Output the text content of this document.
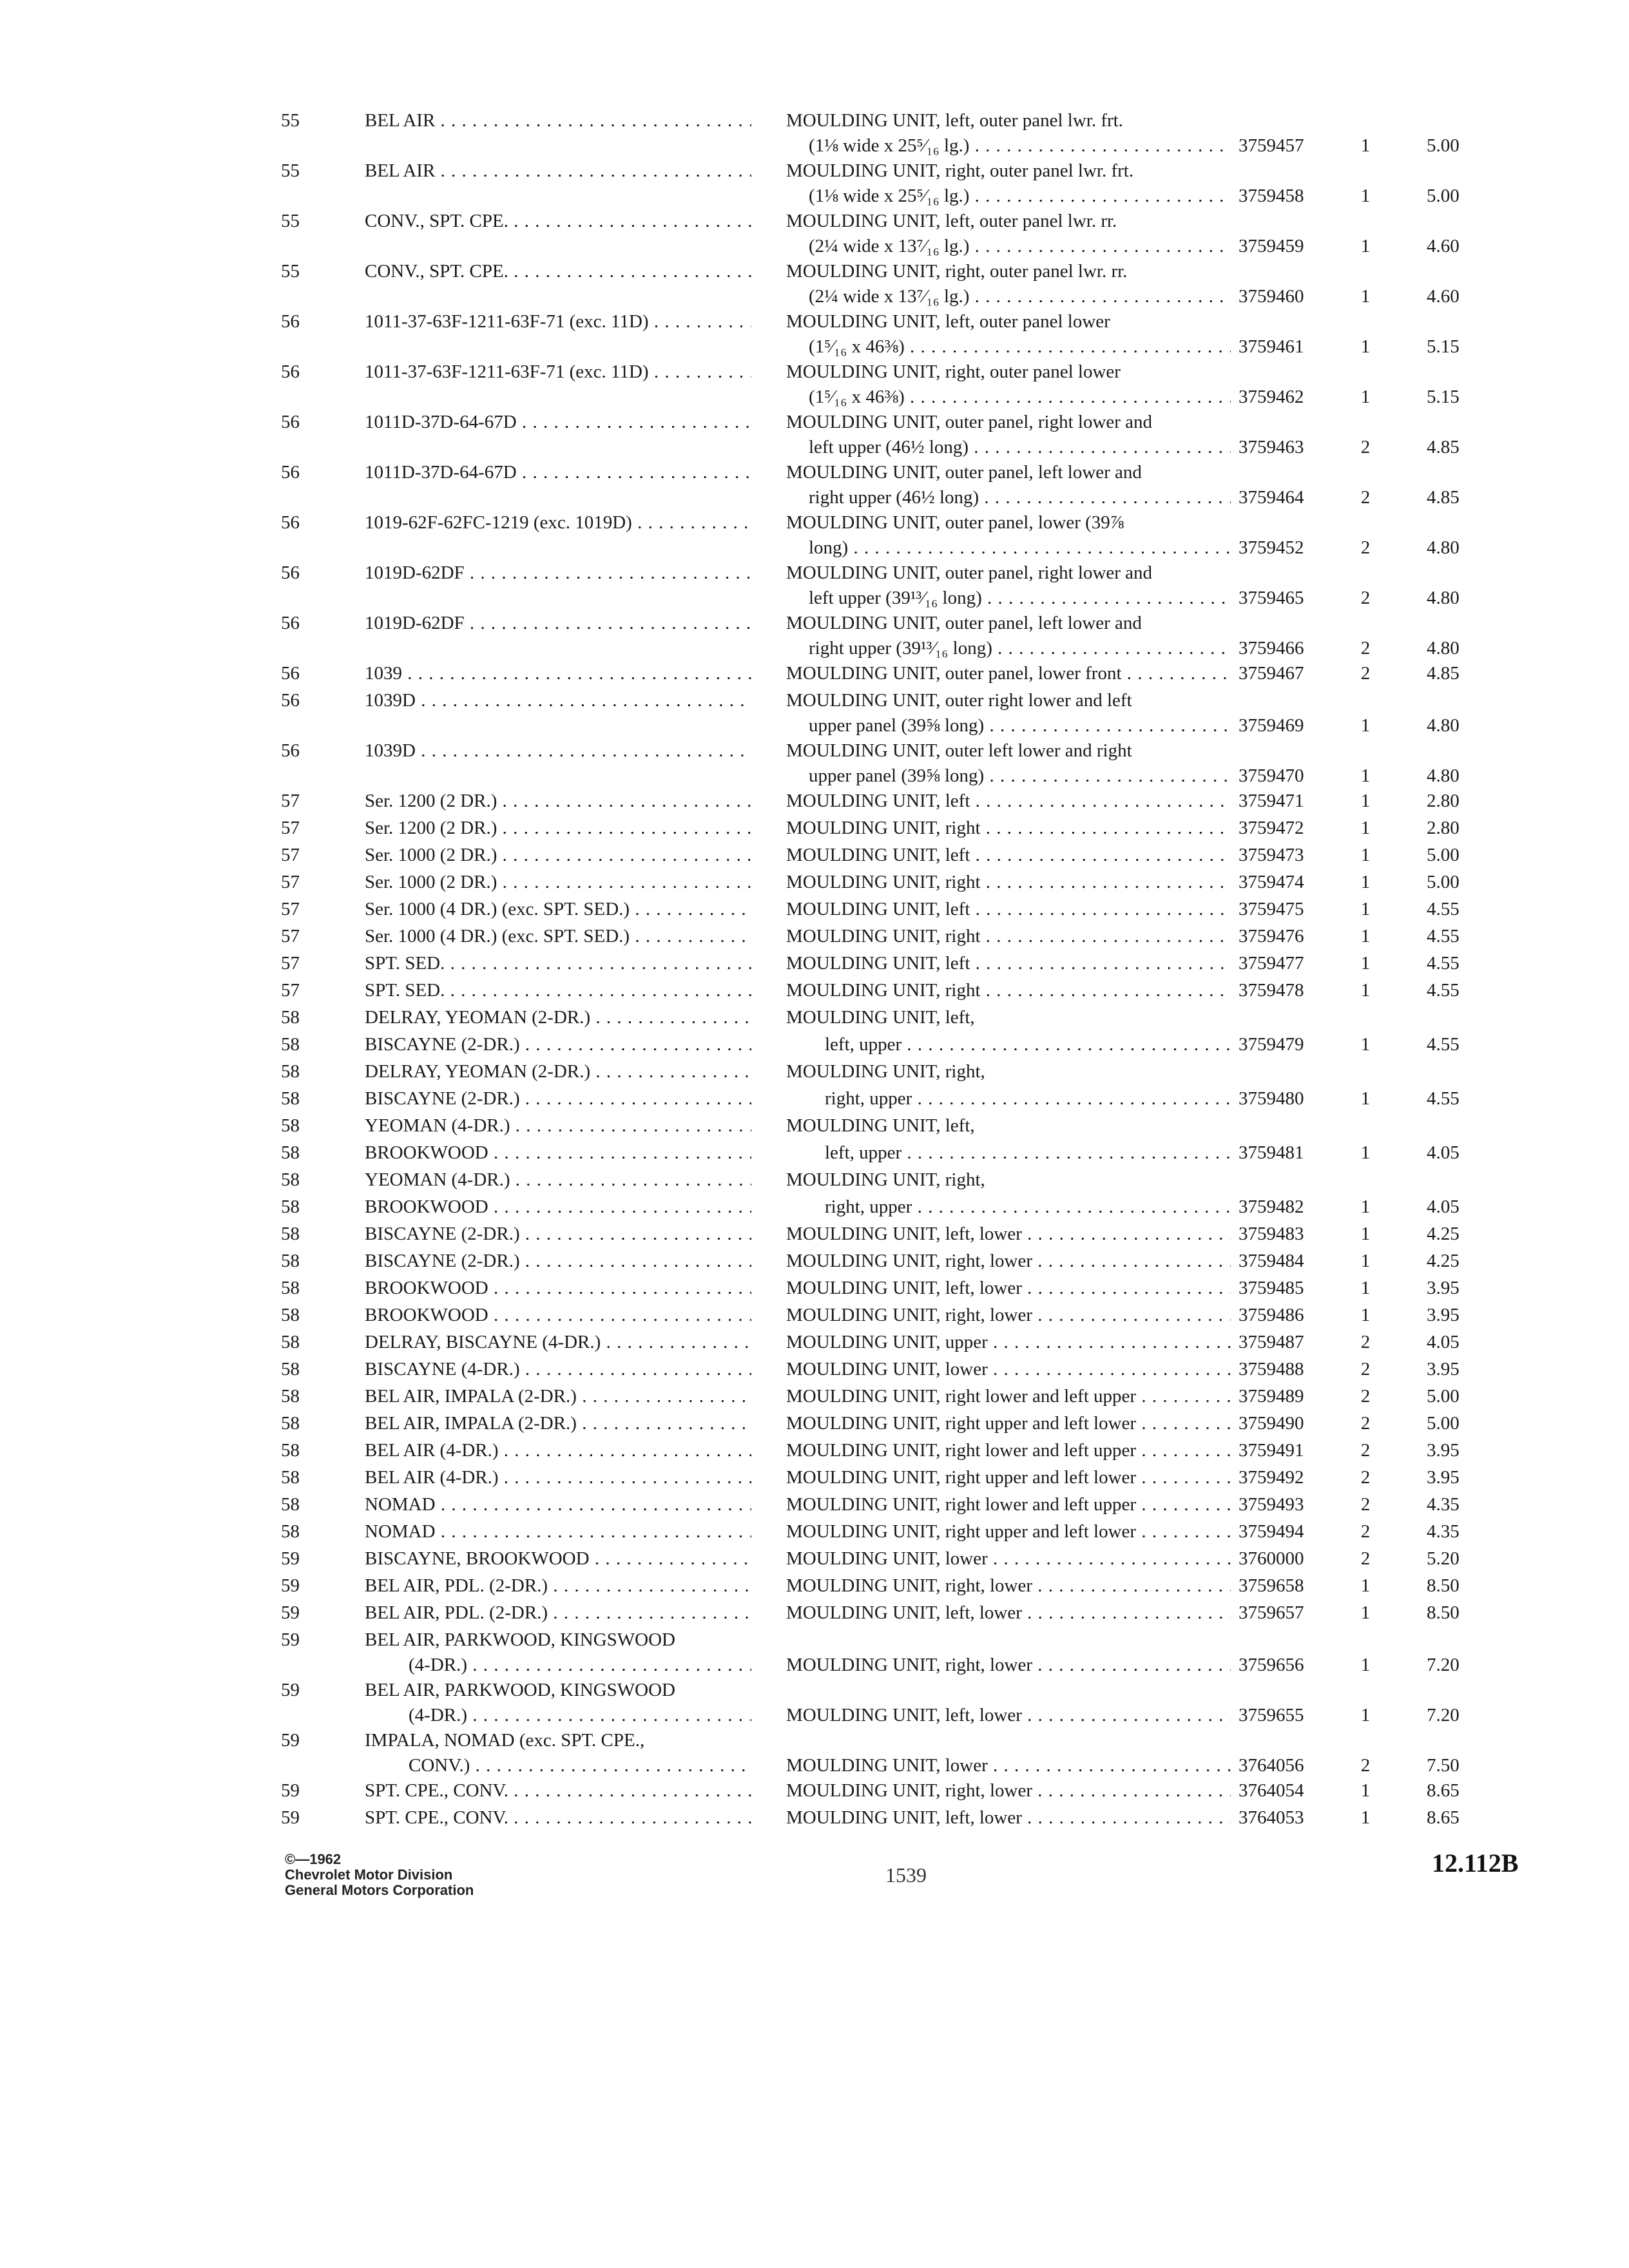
55	BEL AIR . . .	MOULDING UNIT, left, outer panel lwr. frt.
(1⅛ wide x 25⁵⁄₁₆ lg.) . . .	3759457	1	5.00
55	BEL AIR . . .	MOULDING UNIT, right, outer panel lwr. frt.
(1⅛ wide x 25⁵⁄₁₆ lg.) . . .	3759458	1	5.00
55	CONV., SPT. CPE. . . .	MOULDING UNIT, left, outer panel lwr. rr.
(2¼ wide x 13⁷⁄₁₆ lg.) . . .	3759459	1	4.60
55	CONV., SPT. CPE. . . .	MOULDING UNIT, right, outer panel lwr. rr.
(2¼ wide x 13⁷⁄₁₆ lg.) . . .	3759460	1	4.60
56	1011-37-63F-1211-63F-71 (exc. 11D) . . .	MOULDING UNIT, left, outer panel lower
(1⁵⁄₁₆ x 46⅜) . . .	3759461	1	5.15
56	1011-37-63F-1211-63F-71 (exc. 11D) . . .	MOULDING UNIT, right, outer panel lower
(1⁵⁄₁₆ x 46⅜) . . .	3759462	1	5.15
56	1011D-37D-64-67D . . .	MOULDING UNIT, outer panel, right lower and
left upper (46½ long) . . .	3759463	2	4.85
56	1011D-37D-64-67D . . .	MOULDING UNIT, outer panel, left lower and
right upper (46½ long) . . .	3759464	2	4.85
56	1019-62F-62FC-1219 (exc. 1019D) . . .	MOULDING UNIT, outer panel, lower (39⅞
long) . . .	3759452	2	4.80
56	1019D-62DF . . .	MOULDING UNIT, outer panel, right lower and
left upper (39¹³⁄₁₆ long) . . .	3759465	2	4.80
56	1019D-62DF . . .	MOULDING UNIT, outer panel, left lower and
right upper (39¹³⁄₁₆ long) . . .	3759466	2	4.80
56	1039 . . .	MOULDING UNIT, outer panel, lower front . . .	3759467	2	4.85
56	1039D . . .	MOULDING UNIT, outer right lower and left
upper panel (39⅝ long) . . .	3759469	1	4.80
56	1039D . . .	MOULDING UNIT, outer left lower and right
upper panel (39⅝ long) . . .	3759470	1	4.80
57	Ser. 1200 (2 DR.) . . .	MOULDING UNIT, left . . .	3759471	1	2.80
57	Ser. 1200 (2 DR.) . . .	MOULDING UNIT, right . . .	3759472	1	2.80
57	Ser. 1000 (2 DR.) . . .	MOULDING UNIT, left . . .	3759473	1	5.00
57	Ser. 1000 (2 DR.) . . .	MOULDING UNIT, right . . .	3759474	1	5.00
57	Ser. 1000 (4 DR.) (exc. SPT. SED.) . . .	MOULDING UNIT, left . . .	3759475	1	4.55
57	Ser. 1000 (4 DR.) (exc. SPT. SED.) . . .	MOULDING UNIT, right . . .	3759476	1	4.55
57	SPT. SED. . . .	MOULDING UNIT, left . . .	3759477	1	4.55
57	SPT. SED. . . .	MOULDING UNIT, right . . .	3759478	1	4.55
58	DELRAY, YEOMAN (2-DR.) . . .	MOULDING UNIT, left,
58	BISCAYNE (2-DR.) . . .	left, upper . . .	3759479	1	4.55
58	DELRAY, YEOMAN (2-DR.) . . .	MOULDING UNIT, right,
58	BISCAYNE (2-DR.) . . .	right, upper . . .	3759480	1	4.55
58	YEOMAN (4-DR.) . . .	MOULDING UNIT, left,
58	BROOKWOOD . . .	left, upper . . .	3759481	1	4.05
58	YEOMAN (4-DR.) . . .	MOULDING UNIT, right,
58	BROOKWOOD . . .	right, upper . . .	3759482	1	4.05
58	BISCAYNE (2-DR.) . . .	MOULDING UNIT, left, lower . . .	3759483	1	4.25
58	BISCAYNE (2-DR.) . . .	MOULDING UNIT, right, lower . . .	3759484	1	4.25
58	BROOKWOOD . . .	MOULDING UNIT, left, lower . . .	3759485	1	3.95
58	BROOKWOOD . . .	MOULDING UNIT, right, lower . . .	3759486	1	3.95
58	DELRAY, BISCAYNE (4-DR.) . . .	MOULDING UNIT, upper . . .	3759487	2	4.05
58	BISCAYNE (4-DR.) . . .	MOULDING UNIT, lower . . .	3759488	2	3.95
58	BEL AIR, IMPALA (2-DR.) . . .	MOULDING UNIT, right lower and left upper . . .	3759489	2	5.00
58	BEL AIR, IMPALA (2-DR.) . . .	MOULDING UNIT, right upper and left lower . . .	3759490	2	5.00
58	BEL AIR (4-DR.) . . .	MOULDING UNIT, right lower and left upper . . .	3759491	2	3.95
58	BEL AIR (4-DR.) . . .	MOULDING UNIT, right upper and left lower . . .	3759492	2	3.95
58	NOMAD . . .	MOULDING UNIT, right lower and left upper . . .	3759493	2	4.35
58	NOMAD . . .	MOULDING UNIT, right upper and left lower . . .	3759494	2	4.35
59	BISCAYNE, BROOKWOOD . . .	MOULDING UNIT, lower . . .	3760000	2	5.20
59	BEL AIR, PDL. (2-DR.) . . .	MOULDING UNIT, right, lower . . .	3759658	1	8.50
59	BEL AIR, PDL. (2-DR.) . . .	MOULDING UNIT, left, lower . . .	3759657	1	8.50
59	BEL AIR, PARKWOOD, KINGSWOOD
(4-DR.) . . .	MOULDING UNIT, right, lower . . .	3759656	1	7.20
59	BEL AIR, PARKWOOD, KINGSWOOD
(4-DR.) . . .	MOULDING UNIT, left, lower . . .	3759655	1	7.20
59	IMPALA, NOMAD (exc. SPT. CPE.,
CONV.) . . .	MOULDING UNIT, lower . . .	3764056	2	7.50
59	SPT. CPE., CONV. . . .	MOULDING UNIT, right, lower . . .	3764054	1	8.65
59	SPT. CPE., CONV. . . .	MOULDING UNIT, left, lower . . .	3764053	1	8.65
©—1962
Chevrolet Motor Division
General Motors Corporation
1539	12.112B
